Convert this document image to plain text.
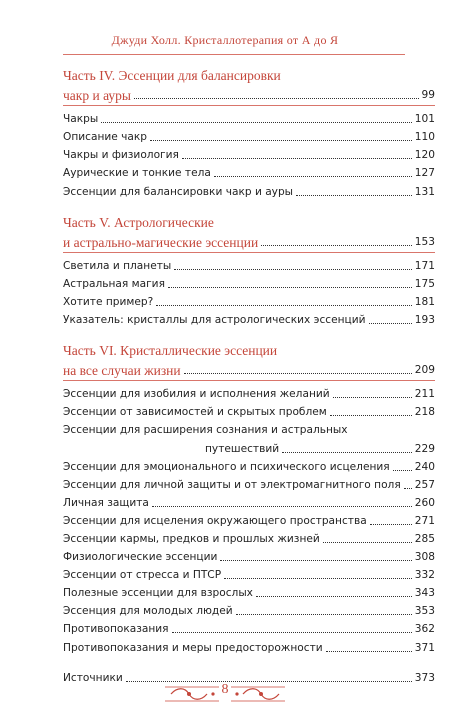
Джуди Холл. Кристаллотерапия от А до Я
Часть IV. Эссенции для балансировки
чакр и ауры	99
Чакры	101
Описание чакр	110
Чакры и физиология	120
Аурические и тонкие тела	127
Эссенции для балансировки чакр и ауры	131
Часть V. Астрологические
и астрально-магические эссенции	153
Светила и планеты	171
Астральная магия	175
Хотите пример?	181
Указатель: кристаллы для астрологических эссенций	193
Часть VI. Кристаллические эссенции
на все случаи жизни	209
Эссенции для изобилия и исполнения желаний	211
Эссенции от зависимостей и скрытых проблем	218
Эссенции для расширения сознания и астральных
путешествий	229
Эссенции для эмоционального и психического исцеления 240
Эссенции для личной защиты и от электромагнитного поля 257
Личная защита	260
Эссенции для исцеления окружающего пространства	271
Эссенции кармы, предков и прошлых жизней	285
Физиологические эссенции	308
Эссенции от стресса и ПТСР	332
Полезные эссенции для взрослых	343
Эссенция для молодых людей	353
Противопоказания	362
Противопоказания и меры предосторожности	371
Источники	373
8
